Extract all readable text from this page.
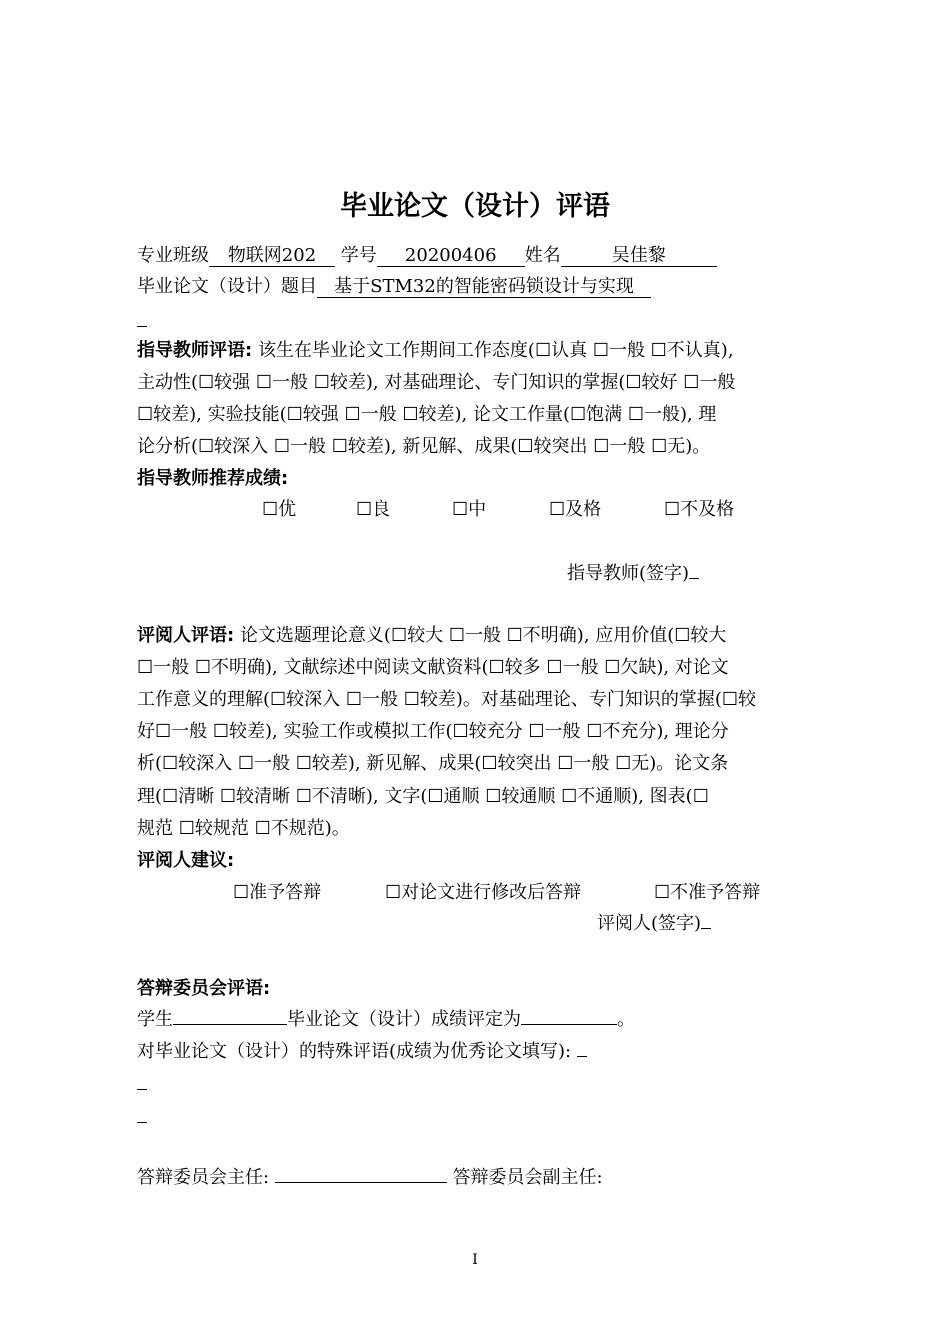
毕业论文（设计）评语
专业班级 物联网202 学号 20200406 姓名	吴佳黎
毕业论文（设计）题目 基于STM32的智能密码锁设计与实现
指导教师评语: 该生在毕业论文工作期间工作态度(☐认真 ☐一般 ☐不认真),
主动性(☐较强 ☐一般 ☐较差), 对基础理论、专门知识的掌握(☐较好 ☐一般
☐较差), 实验技能(☐较强 ☐一般 ☐较差), 论文工作量(☐饱满 ☐一般), 理
论分析(☐较深入 ☐一般 ☐较差), 新见解、成果(☐较突出 ☐一般 ☐无)。
指导教师推荐成绩:
☐优	☐良	☐中	☐及格	☐不及格
指导教师(签字)
评阅人评语: 论文选题理论意义(☐较大 ☐一般 ☐不明确), 应用价值(☐较大
☐一般 ☐不明确), 文献综述中阅读文献资料(☐较多 ☐一般 ☐欠缺), 对论文
工作意义的理解(☐较深入 ☐一般 ☐较差)。对基础理论、专门知识的掌握(☐较
好☐一般 ☐较差), 实验工作或模拟工作(☐较充分 ☐一般 ☐不充分), 理论分
析(☐较深入 ☐一般 ☐较差), 新见解、成果(☐较突出 ☐一般 ☐无)。论文条
理(☐清晰 ☐较清晰 ☐不清晰), 文字(☐通顺 ☐较通顺 ☐不通顺), 图表(☐
规范 ☐较规范 ☐不规范)。
评阅人建议:
☐准予答辩	☐对论文进行修改后答辩	☐不准予答辩
评阅人(签字)
答辩委员会评语:
学生	毕业论文（设计）成绩评定为	。
对毕业论文（设计）的特殊评语(成绩为优秀论文填写):
答辩委员会主任:	答辩委员会副主任:
I
